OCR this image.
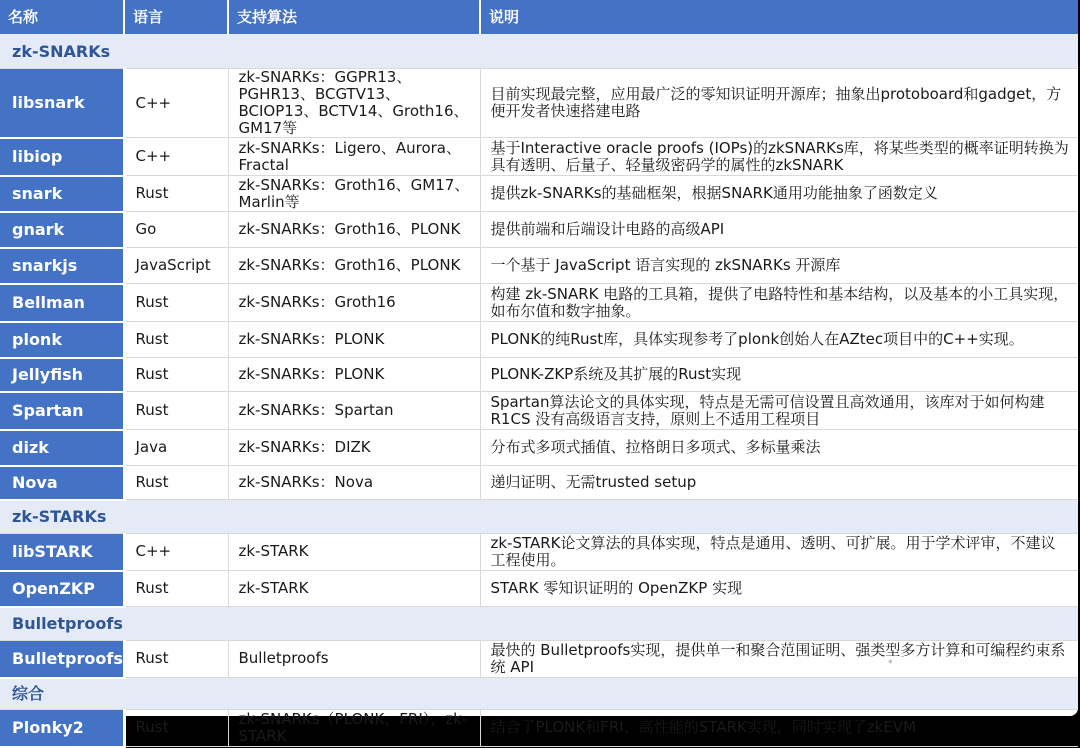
名称	语言	支持算法	说明
zk-SNARKs			
libsnark	C++	zk-SNARKs：GGPR13、PGHR13、BCGTV13、BCIOP13、BCTV14、Groth16、GM17等	目前实现最完整，应用最广泛的零知识证明开源库；抽象出protoboard和gadget，方便开发者快速搭建电路
libiop	C++	zk-SNARKs：Ligero、Aurora、Fractal	基于Interactive oracle proofs (IOPs)的zkSNARKs库，将某些类型的概率证明转换为具有透明、后量子、轻量级密码学的属性的zkSNARK
snark	Rust	zk-SNARKs：Groth16、GM17、Marlin等	提供zk-SNARKs的基础框架，根据SNARK通用功能抽象了函数定义
gnark	Go	zk-SNARKs：Groth16、PLONK	提供前端和后端设计电路的高级API
snarkjs	JavaScript	zk-SNARKs：Groth16、PLONK	一个基于 JavaScript 语言实现的 zkSNARKs 开源库
Bellman	Rust	zk-SNARKs：Groth16	构建 zk-SNARK 电路的工具箱，提供了电路特性和基本结构，以及基本的小工具实现，如布尔值和数字抽象。
plonk	Rust	zk-SNARKs：PLONK	PLONK的纯Rust库，具体实现参考了plonk创始人在AZtec项目中的C++实现。
Jellyfish	Rust	zk-SNARKs：PLONK	PLONK-ZKP系统及其扩展的Rust实现
Spartan	Rust	zk-SNARKs：Spartan	Spartan算法论文的具体实现，特点是无需可信设置且高效通用，该库对于如何构建R1CS 没有高级语言支持，原则上不适用工程项目
dizk	Java	zk-SNARKs：DIZK	分布式多项式插值、拉格朗日多项式、多标量乘法
Nova	Rust	zk-SNARKs：Nova	递归证明、无需trusted setup
zk-STARKs			
libSTARK	C++	zk-STARK	zk-STARK论文算法的具体实现，特点是通用、透明、可扩展。用于学术评审，不建议工程使用。
OpenZKP	Rust	zk-STARK	STARK 零知识证明的 OpenZKP 实现
Bulletproofs			
Bulletproofs	Rust	Bulletproofs	最快的 Bulletproofs实现，提供单一和聚合范围证明、强类型多方计算和可编程约束系统 API
综合			
Plonky2	Rust	zk-SNARKs（PLONK、FRI）、zk-STARK	结合了PLONK和FRI、高性能的STARK实现，同时实现了zkEVM
⁎
